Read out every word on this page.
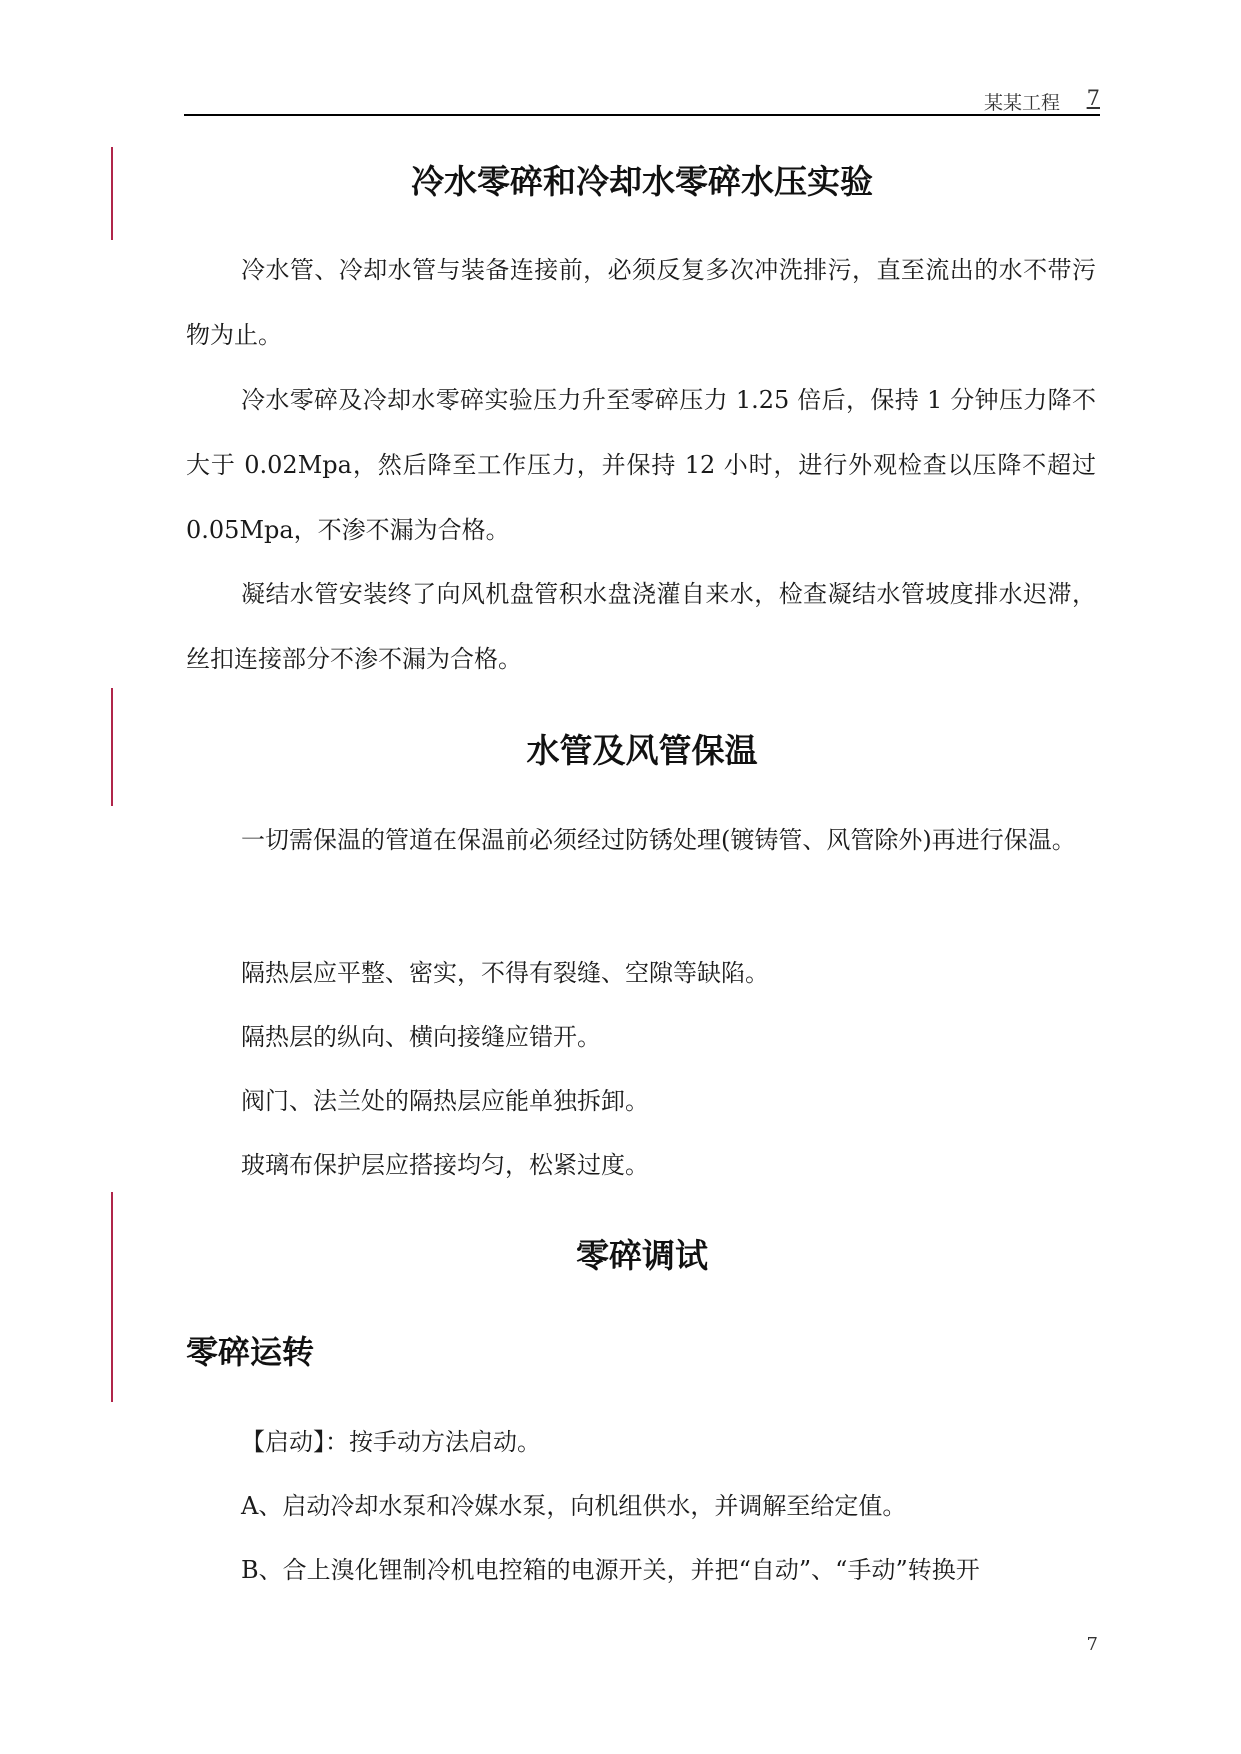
某某工程 7
冷水零碎和冷却水零碎水压实验

冷水管、冷却水管与装备连接前，必须反复多次冲洗排污，直至流出的水不带污物为止。

冷水零碎及冷却水零碎实验压力升至零碎压力 1.25 倍后，保持 1 分钟压力降不大于 0.02Mpa，然后降至工作压力，并保持 12 小时，进行外观检查以压降不超过 0.05Mpa，不渗不漏为合格。

凝结水管安装终了向风机盘管积水盘浇灌自来水，检查凝结水管坡度排水迟滞，丝扣连接部分不渗不漏为合格。

水管及风管保温

一切需保温的管道在保温前必须经过防锈处理(镀铸管、风管除外)再进行保温。

隔热层应平整、密实，不得有裂缝、空隙等缺陷。
隔热层的纵向、横向接缝应错开。
阀门、法兰处的隔热层应能单独拆卸。
玻璃布保护层应搭接均匀，松紧过度。
零碎调试
零碎运转
【启动】：按手动方法启动。
A、启动冷却水泵和冷媒水泵，向机组供水，并调解至给定值。
B、合上溴化锂制冷机电控箱的电源开关，并把“自动”、“手动”转换开
7
